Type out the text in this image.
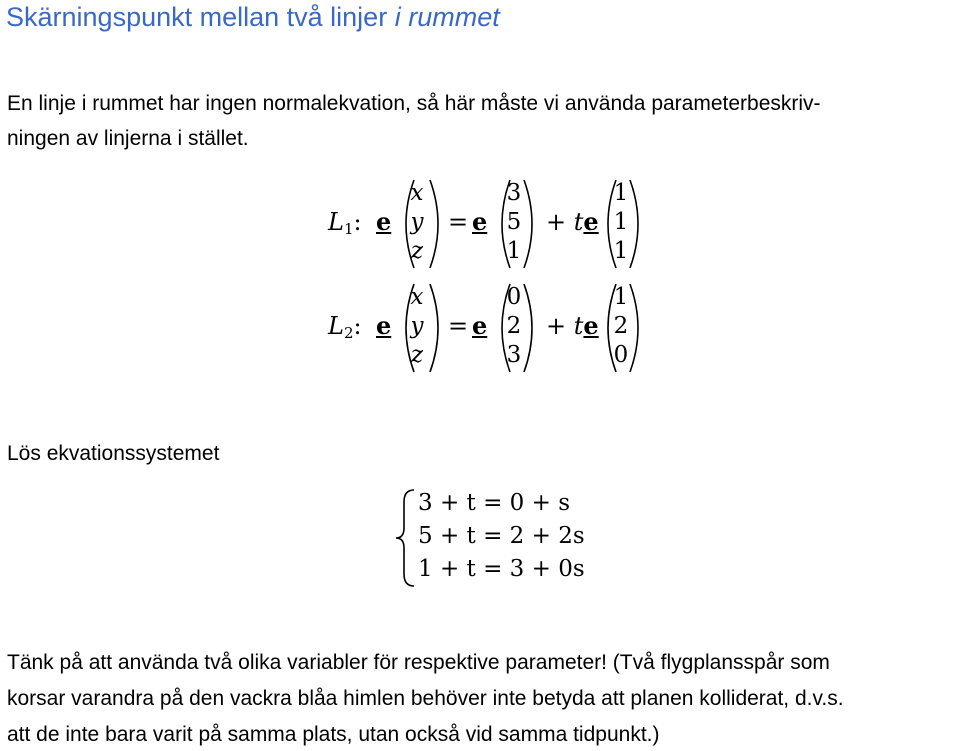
Skärningspunkt mellan två linjer i rummet
En linje i rummet har ingen normalekvation, så här måste vi använda parameterbeskriv-
ningen av linjerna i stället.
$L_1$: e
x
y
z
= e
3
5
1
+ te
1
1
1
$L_2$: e
x
y
z
= e
0
2
3
+ te
1
2
0
Lös ekvationssystemet
3 + t = 0 + s
5 + t = 2 + 2s
1 + t = 3 + 0s
Tänk på att använda två olika variabler för respektive parameter! (Två flygplansspår som
korsar varandra på den vackra blåa himlen behöver inte betyda att planen kolliderat, d.v.s.
att de inte bara varit på samma plats, utan också vid samma tidpunkt.)
